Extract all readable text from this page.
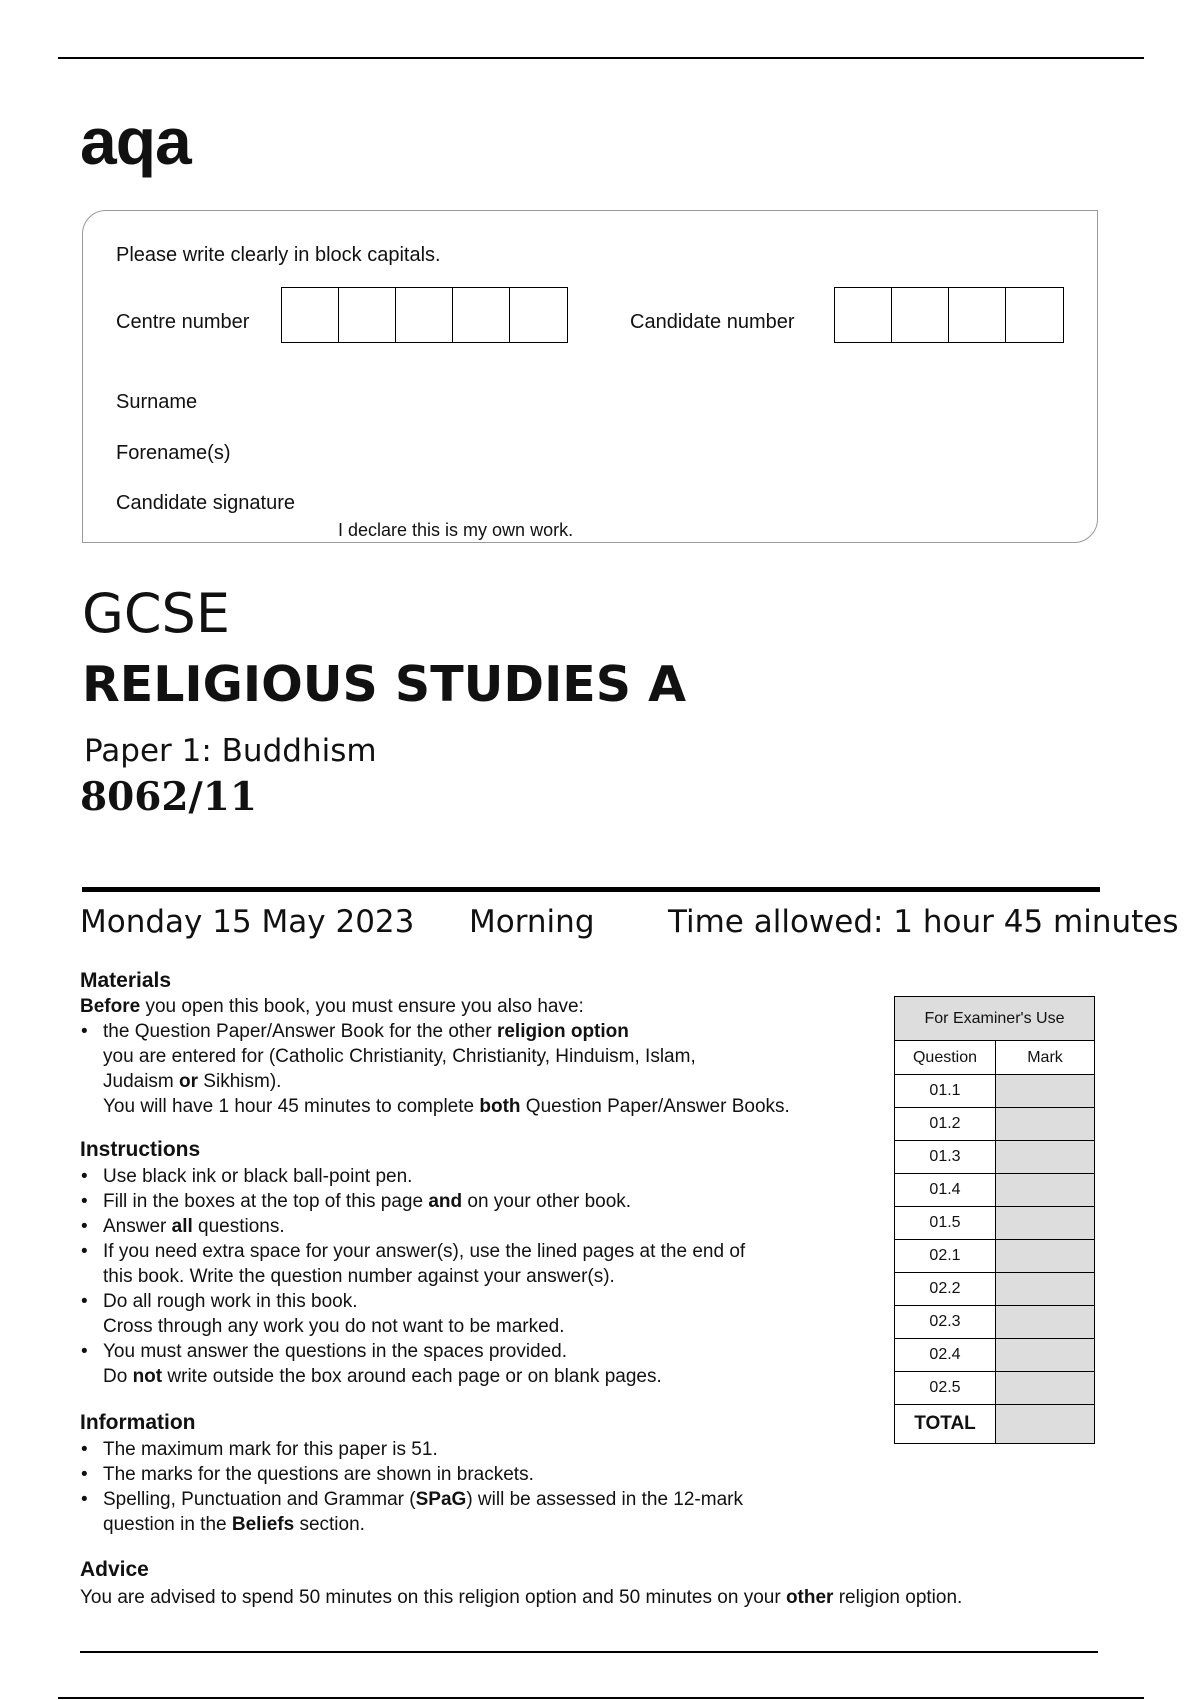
aqa
Please write clearly in block capitals.
Centre number	Candidate number
Surname
Forename(s)
Candidate signature
I declare this is my own work.
GCSE
RELIGIOUS STUDIES A
Paper 1: Buddhism
8062/11
Monday 15 May 2023 Morning Time allowed: 1 hour 45 minutes
Materials
Before you open this book, you must ensure you also have:
• the Question Paper/Answer Book for the other religion option
you are entered for (Catholic Christianity, Christianity, Hinduism, Islam,
Judaism or Sikhism).
You will have 1 hour 45 minutes to complete both Question Paper/Answer Books.
Instructions
• Use black ink or black ball-point pen.
• Fill in the boxes at the top of this page and on your other book.
• Answer all questions.
• If you need extra space for your answer(s), use the lined pages at the end of
this book. Write the question number against your answer(s).
• Do all rough work in this book.
Cross through any work you do not want to be marked.
• You must answer the questions in the spaces provided.
Do not write outside the box around each page or on blank pages.
Information
• The maximum mark for this paper is 51.
• The marks for the questions are shown in brackets.
• Spelling, Punctuation and Grammar (SPaG) will be assessed in the 12-mark
question in the Beliefs section.
Advice
You are advised to spend 50 minutes on this religion option and 50 minutes on your other religion option.
For Examiner's Use	
Question	Mark
01.1	
01.2	
01.3	
01.4	
01.5	
02.1	
02.2	
02.3	
02.4	
02.5	
TOTAL	
